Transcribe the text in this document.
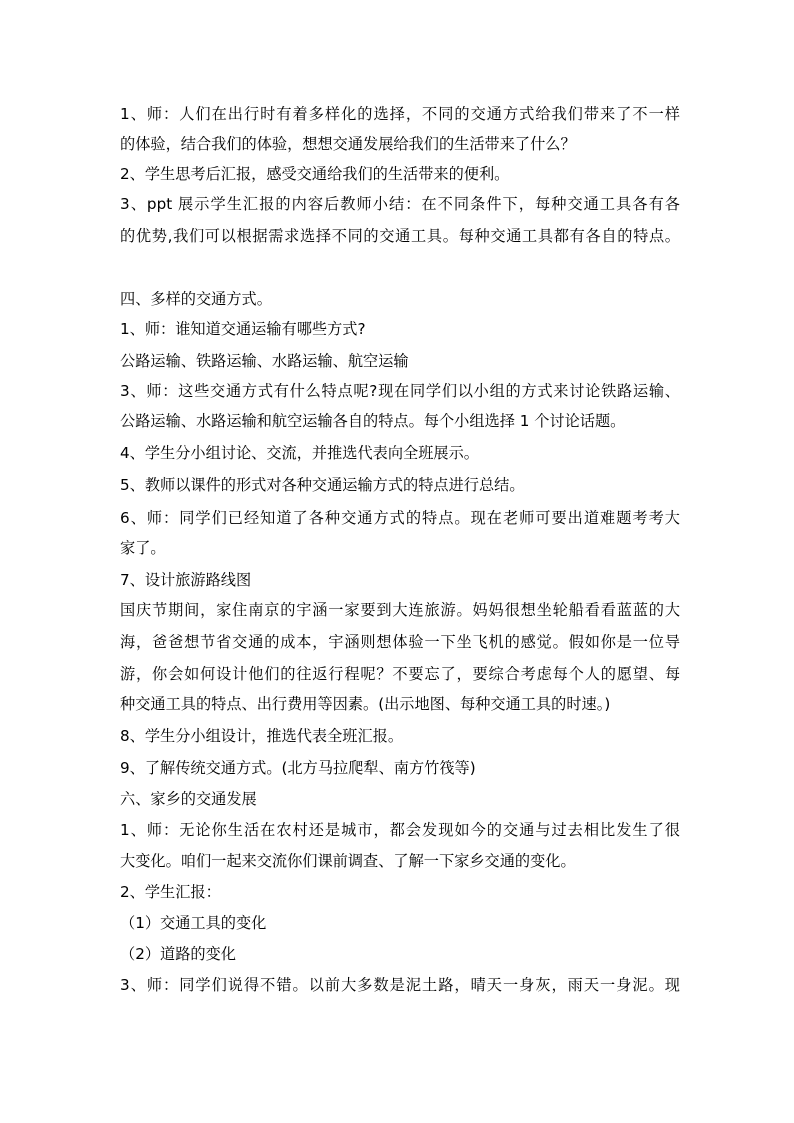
1、师：人们在出行时有着多样化的选择，不同的交通方式给我们带来了不一样
的体验，结合我们的体验，想想交通发展给我们的生活带来了什么？
2、学生思考后汇报，感受交通给我们的生活带来的便利。
3、ppt 展示学生汇报的内容后教师小结：在不同条件下，每种交通工具各有各
的优势,我们可以根据需求选择不同的交通工具。每种交通工具都有各自的特点。
四、多样的交通方式。
1、师：谁知道交通运输有哪些方式?
公路运输、铁路运输、水路运输、航空运输
3、师：这些交通方式有什么特点呢?现在同学们以小组的方式来讨论铁路运输、
公路运输、水路运输和航空运输各自的特点。每个小组选择 1 个讨论话题。
4、学生分小组讨论、交流，并推选代表向全班展示。
5、教师以课件的形式对各种交通运输方式的特点进行总结。
6、师：同学们已经知道了各种交通方式的特点。现在老师可要出道难题考考大
家了。
7、设计旅游路线图
国庆节期间，家住南京的宇涵一家要到大连旅游。妈妈很想坐轮船看看蓝蓝的大
海，爸爸想节省交通的成本，宇涵则想体验一下坐飞机的感觉。假如你是一位导
游，你会如何设计他们的往返行程呢？不要忘了，要综合考虑每个人的愿望、每
种交通工具的特点、出行费用等因素。(出示地图、每种交通工具的时速。)
8、学生分小组设计，推选代表全班汇报。
9、了解传统交通方式。(北方马拉爬犁、南方竹筏等)
六、家乡的交通发展
1、师：无论你生活在农村还是城市，都会发现如今的交通与过去相比发生了很
大变化。咱们一起来交流你们课前调查、了解一下家乡交通的变化。
2、学生汇报：
（1）交通工具的变化
（2）道路的变化
3、师：同学们说得不错。以前大多数是泥土路，晴天一身灰，雨天一身泥。现
